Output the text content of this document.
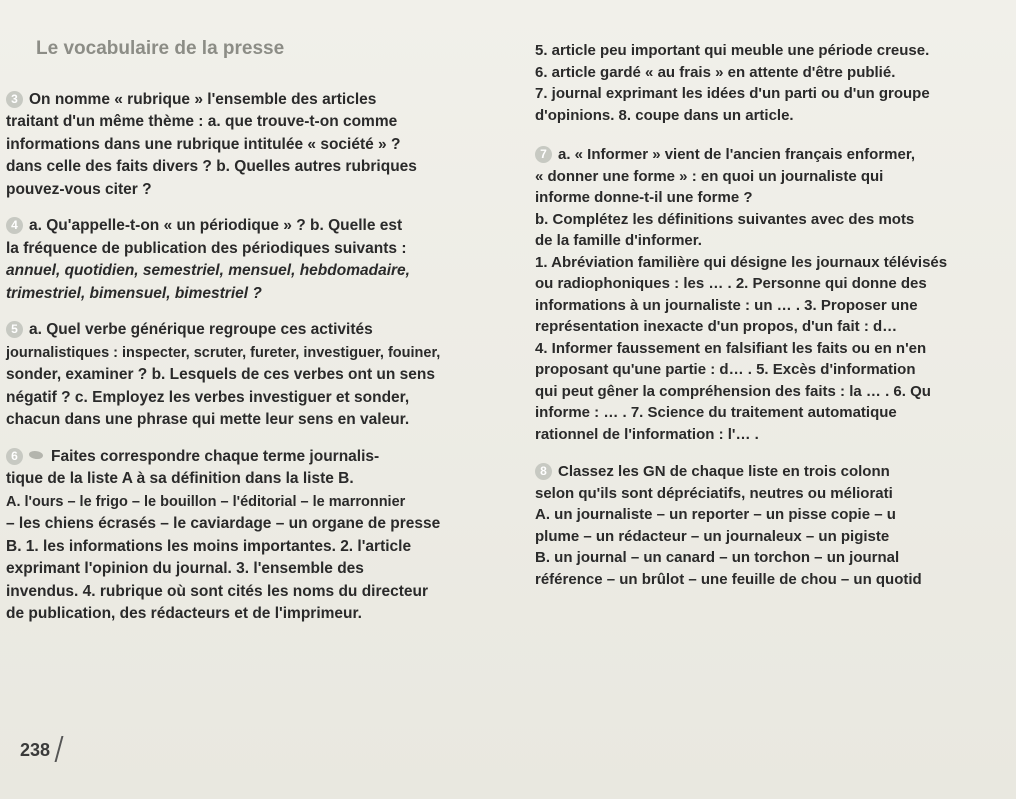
Le vocabulaire de la presse
3 On nomme « rubrique » l'ensemble des articles
traitant d'un même thème : a. que trouve-t-on comme
informations dans une rubrique intitulée « société » ?
dans celle des faits divers ? b. Quelles autres rubriques
pouvez-vous citer ?
4 a. Qu'appelle-t-on « un périodique » ? b. Quelle est
la fréquence de publication des périodiques suivants :
annuel, quotidien, semestriel, mensuel, hebdomadaire,
trimestriel, bimensuel, bimestriel ?
5 a. Quel verbe générique regroupe ces activités
journalistiques : inspecter, scruter, fureter, investiguer, fouiner,
sonder, examiner ? b. Lesquels de ces verbes ont un sens
négatif ? c. Employez les verbes investiguer et sonder,
chacun dans une phrase qui mette leur sens en valeur.
6 Faites correspondre chaque terme journalis-
tique de la liste A à sa définition dans la liste B.
A. l'ours – le frigo – le bouillon – l'éditorial – le marronnier
– les chiens écrasés – le caviardage – un organe de presse
B. 1. les informations les moins importantes. 2. l'article
exprimant l'opinion du journal. 3. l'ensemble des
invendus. 4. rubrique où sont cités les noms du directeur
de publication, des rédacteurs et de l'imprimeur.
5. article peu important qui meuble une période creuse.
6. article gardé « au frais » en attente d'être publié.
7. journal exprimant les idées d'un parti ou d'un groupe
d'opinions. 8. coupe dans un article.
7 a. « Informer » vient de l'ancien français enformer,
« donner une forme » : en quoi un journaliste qui
informe donne-t-il une forme ?
b. Complétez les définitions suivantes avec des mots
de la famille d'informer.
1. Abréviation familière qui désigne les journaux télévisés
ou radiophoniques : les … . 2. Personne qui donne des
informations à un journaliste : un … . 3. Proposer une
représentation inexacte d'un propos, d'un fait : d…
4. Informer faussement en falsifiant les faits ou en n'en
proposant qu'une partie : d… . 5. Excès d'information
qui peut gêner la compréhension des faits : la … . 6. Qu
informe : … . 7. Science du traitement automatique
rationnel de l'information : l'… .
8 Classez les GN de chaque liste en trois colonn
selon qu'ils sont dépréciatifs, neutres ou méliorati
A. un journaliste – un reporter – un pisse copie – u
plume – un rédacteur – un journaleux – un pigiste
B. un journal – un canard – un torchon – un journal
référence – un brûlot – une feuille de chou – un quotid
238
